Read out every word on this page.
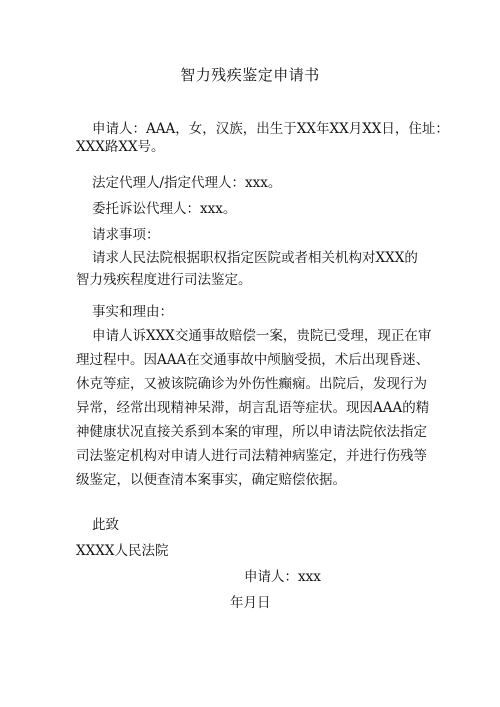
智力残疾鉴定申请书
申请人：AAA，女，汉族，出生于XX年XX月XX日，住址：
XXX路XX号。
法定代理人/指定代理人：xxx。
委托诉讼代理人：xxx。
请求事项：
请求人民法院根据职权指定医院或者相关机构对XXX的
智力残疾程度进行司法鉴定。
事实和理由：
申请人诉XXX交通事故赔偿一案，贵院已受理，现正在审
理过程中。因AAA在交通事故中颅脑受损，术后出现昏迷、
休克等症，又被该院确诊为外伤性癫痫。出院后，发现行为
异常，经常出现精神呆滞，胡言乱语等症状。现因AAA的精
神健康状况直接关系到本案的审理，所以申请法院依法指定
司法鉴定机构对申请人进行司法精神病鉴定，并进行伤残等
级鉴定，以便查清本案事实，确定赔偿依据。
此致
XXXX人民法院
申请人：xxx
年月日
